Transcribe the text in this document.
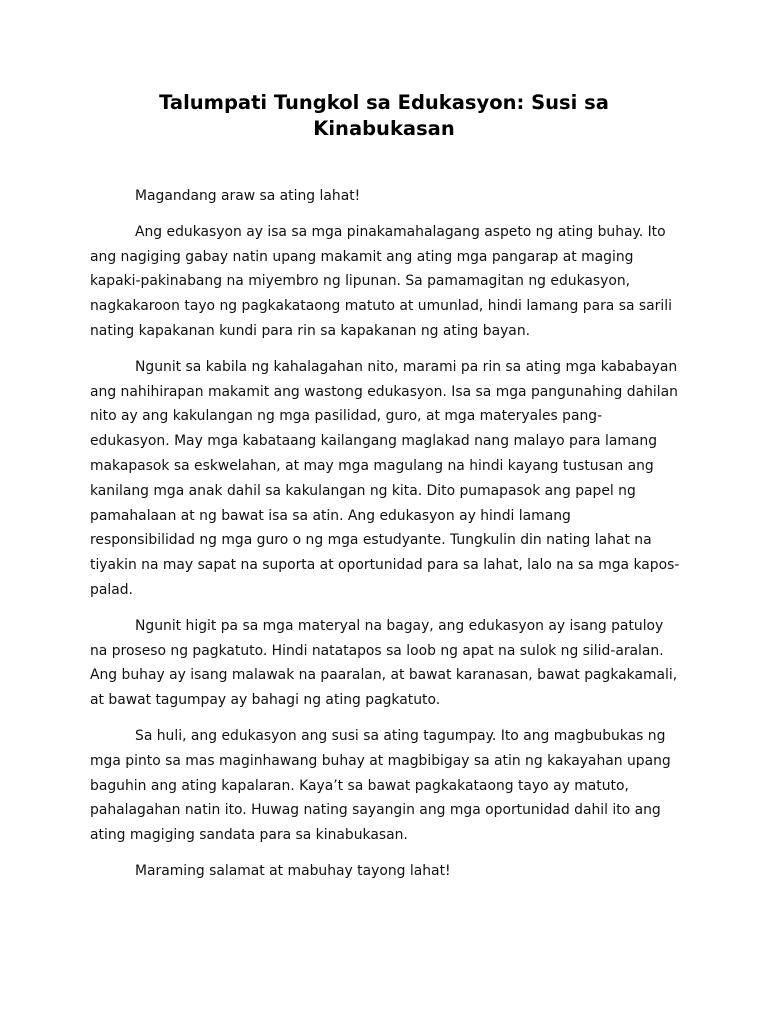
Talumpati Tungkol sa Edukasyon: Susi sa Kinabukasan

Magandang araw sa ating lahat!

Ang edukasyon ay isa sa mga pinakamahalagang aspeto ng ating buhay. Ito ang nagiging gabay natin upang makamit ang ating mga pangarap at maging kapaki-pakinabang na miyembro ng lipunan. Sa pamamagitan ng edukasyon, nagkakaroon tayo ng pagkakataong matuto at umunlad, hindi lamang para sa sarili nating kapakanan kundi para rin sa kapakanan ng ating bayan.

Ngunit sa kabila ng kahalagahan nito, marami pa rin sa ating mga kababayan ang nahihirapan makamit ang wastong edukasyon. Isa sa mga pangunahing dahilan nito ay ang kakulangan ng mga pasilidad, guro, at mga materyales pang-edukasyon. May mga kabataang kailangang maglakad nang malayo para lamang makapasok sa eskwelahan, at may mga magulang na hindi kayang tustusan ang kanilang mga anak dahil sa kakulangan ng kita. Dito pumapasok ang papel ng pamahalaan at ng bawat isa sa atin. Ang edukasyon ay hindi lamang responsibilidad ng mga guro o ng mga estudyante. Tungkulin din nating lahat na tiyakin na may sapat na suporta at oportunidad para sa lahat, lalo na sa mga kapos-palad.

Ngunit higit pa sa mga materyal na bagay, ang edukasyon ay isang patuloy na proseso ng pagkatuto. Hindi natatapos sa loob ng apat na sulok ng silid-aralan. Ang buhay ay isang malawak na paaralan, at bawat karanasan, bawat pagkakamali, at bawat tagumpay ay bahagi ng ating pagkatuto.

Sa huli, ang edukasyon ang susi sa ating tagumpay. Ito ang magbubukas ng mga pinto sa mas maginhawang buhay at magbibigay sa atin ng kakayahan upang baguhin ang ating kapalaran. Kaya’t sa bawat pagkakataong tayo ay matuto, pahalagahan natin ito. Huwag nating sayangin ang mga oportunidad dahil ito ang ating magiging sandata para sa kinabukasan.

Maraming salamat at mabuhay tayong lahat!
